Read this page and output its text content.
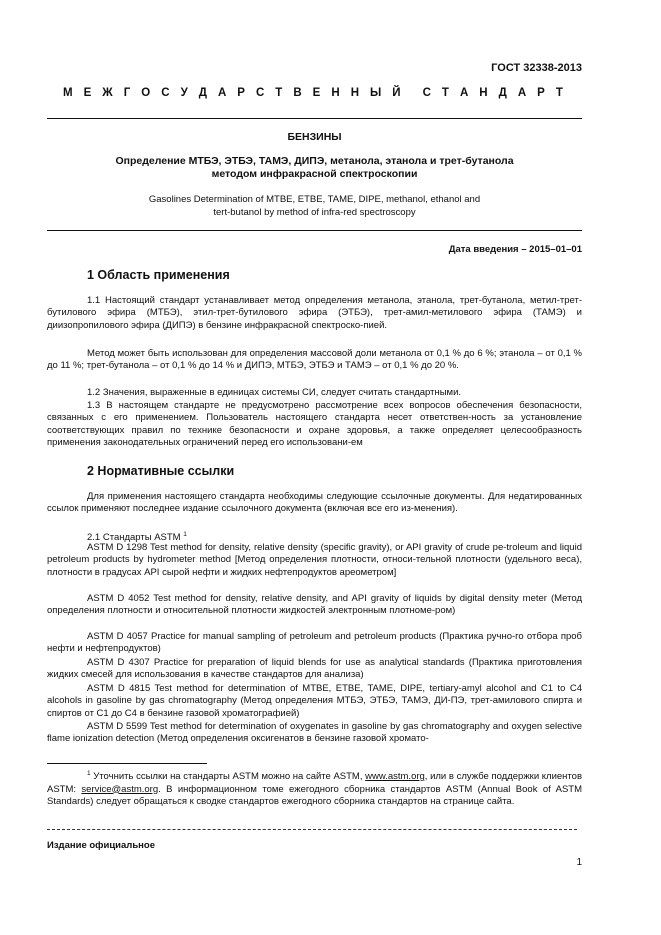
ГОСТ 32338-2013
М Е Ж Г О С У Д А Р С Т В Е Н Н Ы Й С Т А Н Д А Р Т
БЕНЗИНЫ
Определение МТБЭ, ЭТБЭ, ТАМЭ, ДИПЭ, метанола, этанола и трет-бутанола
методом инфракрасной спектроскопии
Gasolines Determination of MTBE, ETBE, TAME, DIPE, methanol, ethanol and
tert-butanol by method of infra-red spectroscopy
Дата введения – 2015–01–01
1 Область применения

1.1 Настоящий стандарт устанавливает метод определения метанола, этанола, трет-бутанола, метил-трет-бутилового эфира (МТБЭ), этил-трет-бутилового эфира (ЭТБЭ), трет-амил-метилового эфира (ТАМЭ) и диизопропилового эфира (ДИПЭ) в бензине инфракрасной спектроско-пией.

Метод может быть использован для определения массовой доли метанола от 0,1 % до 6 %; этанола – от 0,1 % до 11 %; трет-бутанола – от 0,1 % до 14 % и ДИПЭ, МТБЭ, ЭТБЭ и ТАМЭ – от 0,1 % до 20 %.

1.2 Значения, выраженные в единицах системы СИ, следует считать стандартными.

1.3 В настоящем стандарте не предусмотрено рассмотрение всех вопросов обеспечения безопасности, связанных с его применением. Пользователь настоящего стандарта несет ответствен-ность за установление соответствующих правил по технике безопасности и охране здоровья, а также определяет целесообразность применения законодательных ограничений перед его использовани-ем

2 Нормативные ссылки

Для применения настоящего стандарта необходимы следующие ссылочные документы. Для недатированных ссылок применяют последнее издание ссылочного документа (включая все его из-менения).

2.1 Стандарты ASTM $^1$

ASTM D 1298 Test method for density, relative density (specific gravity), or API gravity of crude pe-troleum and liquid petroleum products by hydrometer method [Метод определения плотности, относи-тельной плотности (удельного веса), плотности в градусах API сырой нефти и жидких нефтепродуктов ареометром]

ASTM D 4052 Test method for density, relative density, and API gravity of liquids by digital density meter (Метод определения плотности и относительной плотности жидкостей электронным плотноме-ром)

ASTM D 4057 Practice for manual sampling of petroleum and petroleum products (Практика ручно-го отбора проб нефти и нефтепродуктов)

ASTM D 4307 Practice for preparation of liquid blends for use as analytical standards (Практика приготовления жидких смесей для использования в качестве стандартов для анализа)

ASTM D 4815 Test method for determination of MTBE, ETBE, TAME, DIPE, tertiary-amyl alcohol and C1 to C4 alcohols in gasoline by gas chromatography (Метод определения МТБЭ, ЭТБЭ, ТАМЭ, ДИ-ПЭ, трет-амилового спирта и спиртов от C1 до C4 в бензине газовой хроматографией)

ASTM D 5599 Test method for determination of oxygenates in gasoline by gas chromatography and oxygen selective flame ionization detection (Метод определения оксигенатов в бензине газовой хромато-

$^1$ Уточнить ссылки на стандарты ASTM можно на сайте ASTM, www.astm.org, или в службе поддержки клиентов ASTM: service@astm.org. В информационном томе ежегодного сборника стандартов ASTM (Annual Book of ASTM Standards) следует обращаться к сводке стандартов ежегодного сборника стандартов на странице сайта.

Издание официальное
1
